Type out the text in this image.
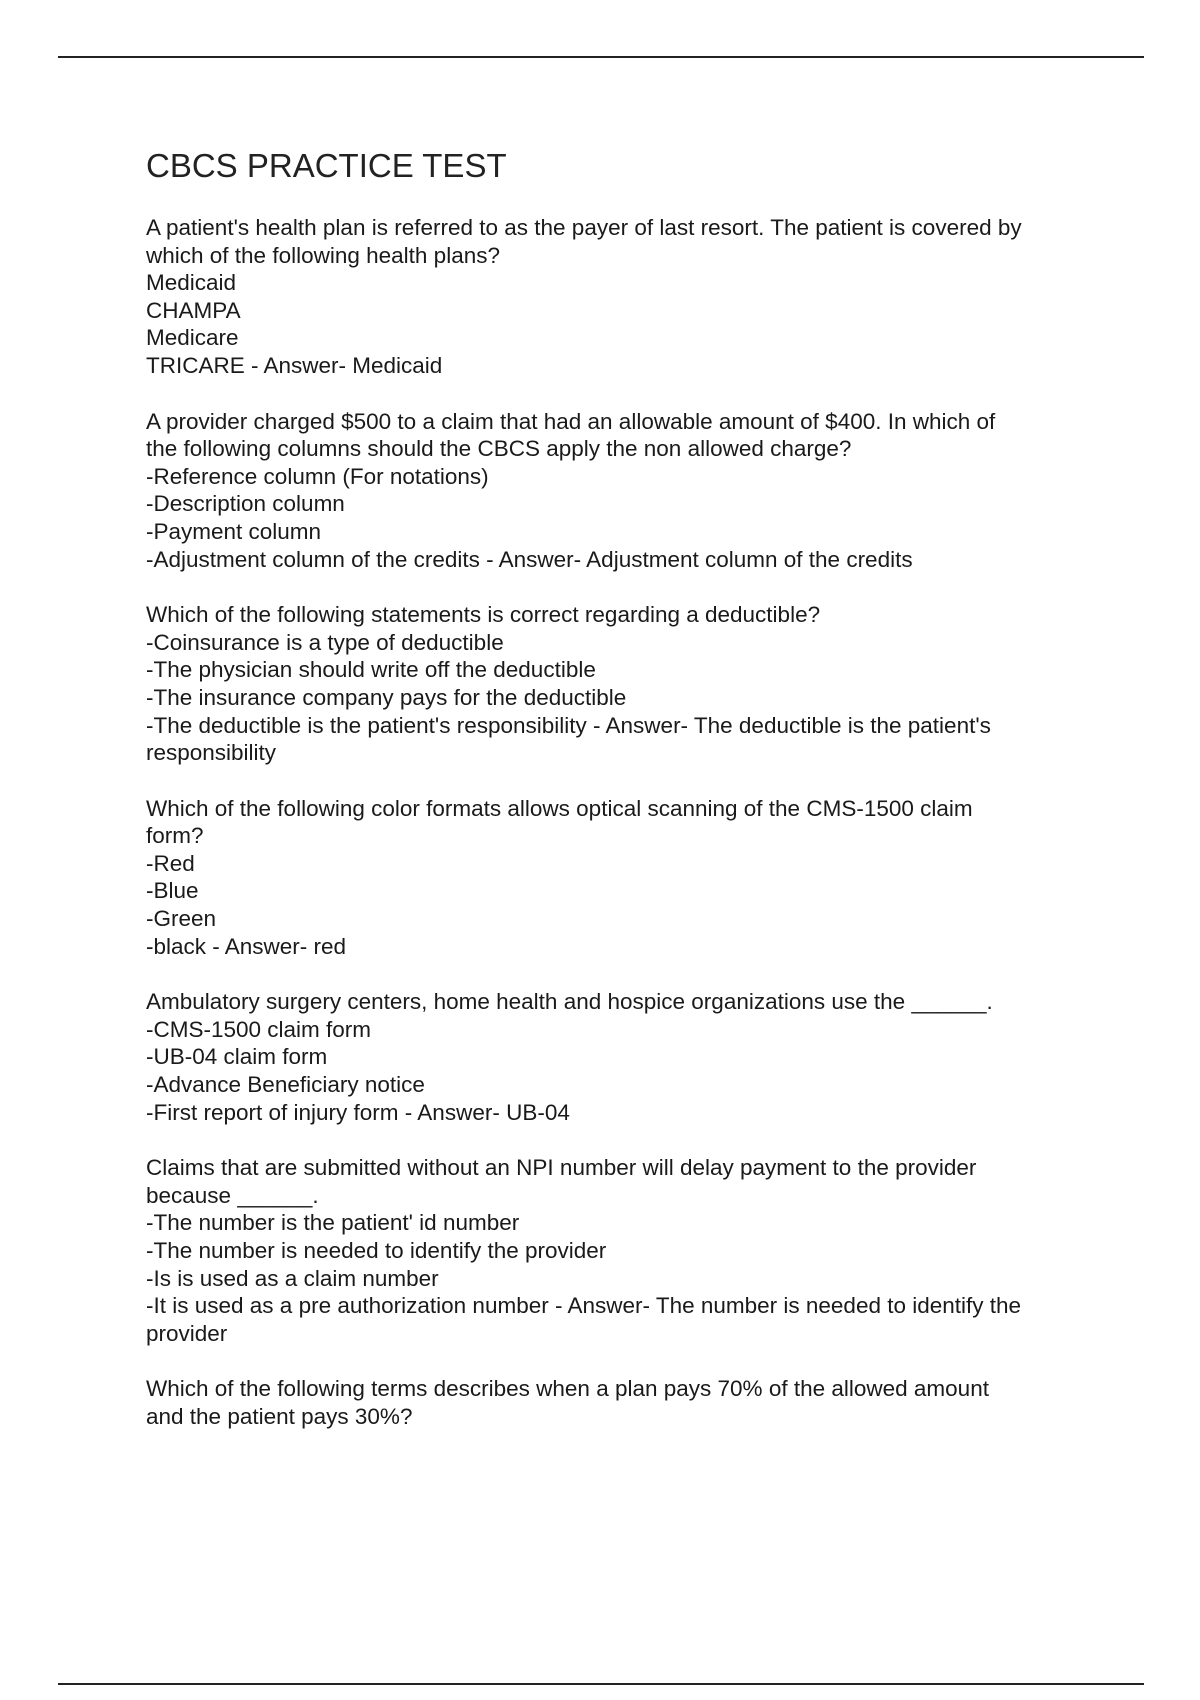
CBCS PRACTICE TEST
A patient's health plan is referred to as the payer of last resort. The patient is covered by
which of the following health plans?
Medicaid
CHAMPA
Medicare
TRICARE - Answer- Medicaid
A provider charged $500 to a claim that had an allowable amount of $400. In which of
the following columns should the CBCS apply the non allowed charge?
-Reference column (For notations)
-Description column
-Payment column
-Adjustment column of the credits - Answer- Adjustment column of the credits
Which of the following statements is correct regarding a deductible?
-Coinsurance is a type of deductible
-The physician should write off the deductible
-The insurance company pays for the deductible
-The deductible is the patient's responsibility - Answer- The deductible is the patient's
responsibility
Which of the following color formats allows optical scanning of the CMS-1500 claim
form?
-Red
-Blue
-Green
-black - Answer- red
Ambulatory surgery centers, home health and hospice organizations use the ______.
-CMS-1500 claim form
-UB-04 claim form
-Advance Beneficiary notice
-First report of injury form - Answer- UB-04
Claims that are submitted without an NPI number will delay payment to the provider
because ______.
-The number is the patient' id number
-The number is needed to identify the provider
-Is is used as a claim number
-It is used as a pre authorization number - Answer- The number is needed to identify the
provider
Which of the following terms describes when a plan pays 70% of the allowed amount
and the patient pays 30%?
